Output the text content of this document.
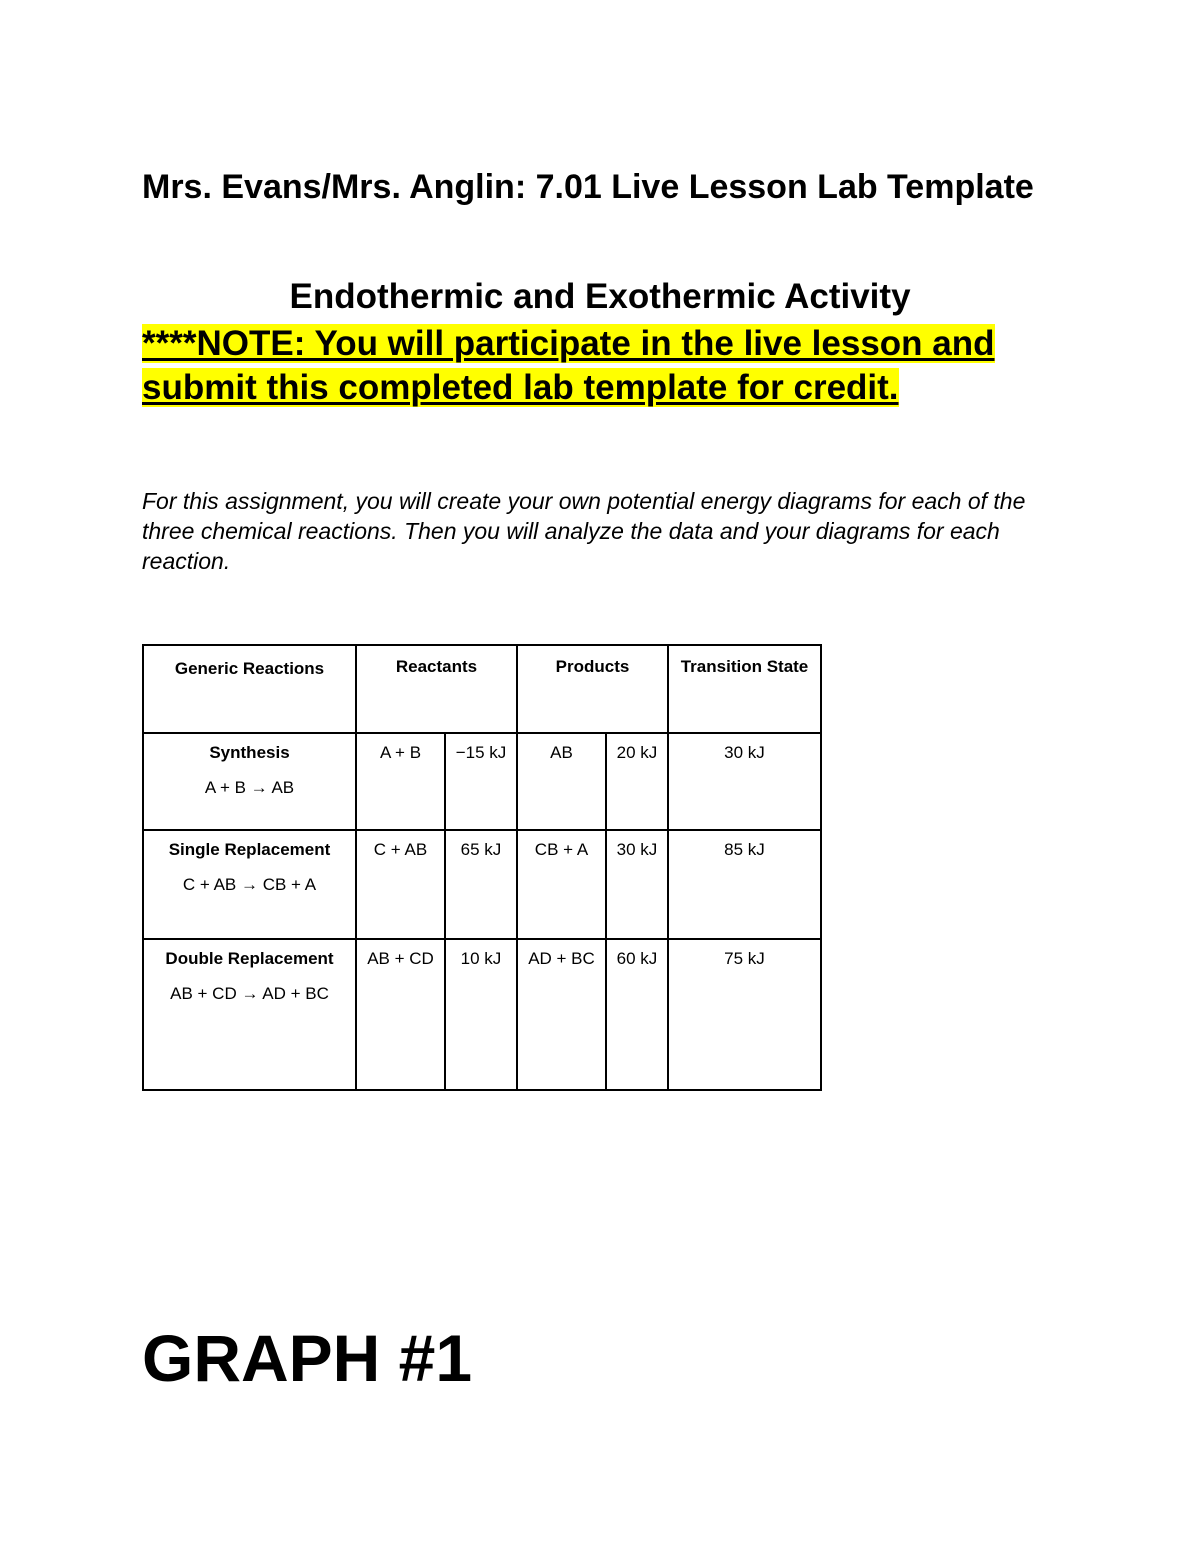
Mrs. Evans/Mrs. Anglin: 7.01 Live Lesson Lab Template
Endothermic and Exothermic Activity

****NOTE: You will participate in the live lesson and submit this completed lab template for credit.

For this assignment, you will create your own potential energy diagrams for each of the three chemical reactions. Then you will analyze the data and your diagrams for each reaction.

Generic Reactions	Reactants		Products		Transition State

Synthesis
A + B → AB	A + B	−15 kJ	AB	20 kJ	30 kJ

Single Replacement
C + AB → CB + A	C + AB	65 kJ	CB + A	30 kJ	85 kJ

Double Replacement
AB + CD → AD + BC	AB + CD	10 kJ	AD + BC	60 kJ	75 kJ
GRAPH #1
